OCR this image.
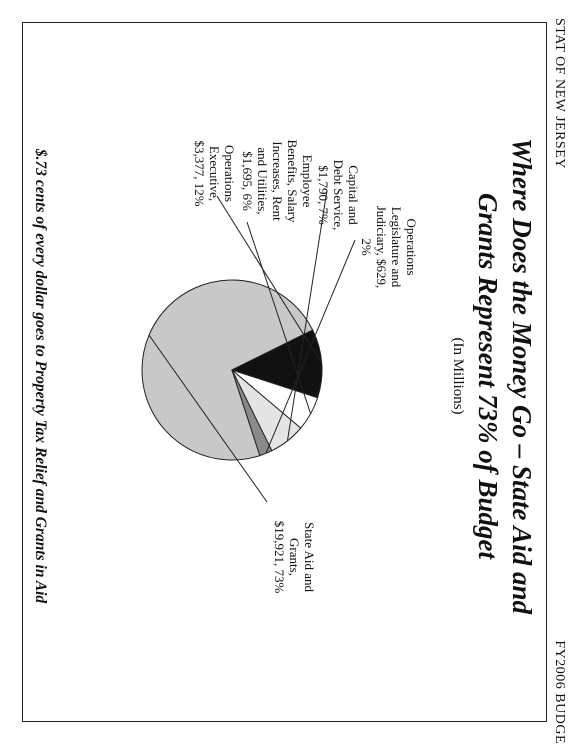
STAT OF NEW JERSEY
FY2006 BUDGE
Where Does the Money Go – State Aid and
Grants Represent 73% of Budget
(In Millions)
State Aid and
Grants,
$19,921, 73%
Operations
Executive,
$3,377, 12%	Employee
Benefits, Salary
Increases, Rent
and Utilities,
$1,695, 6%	Capital and
Debt Service,
$1,790, 7%
Operations
Legislature and
Judiciary, $629,
2%
$.73 cents of every dollar goes to Property Tax Relief and Grants in Aid
